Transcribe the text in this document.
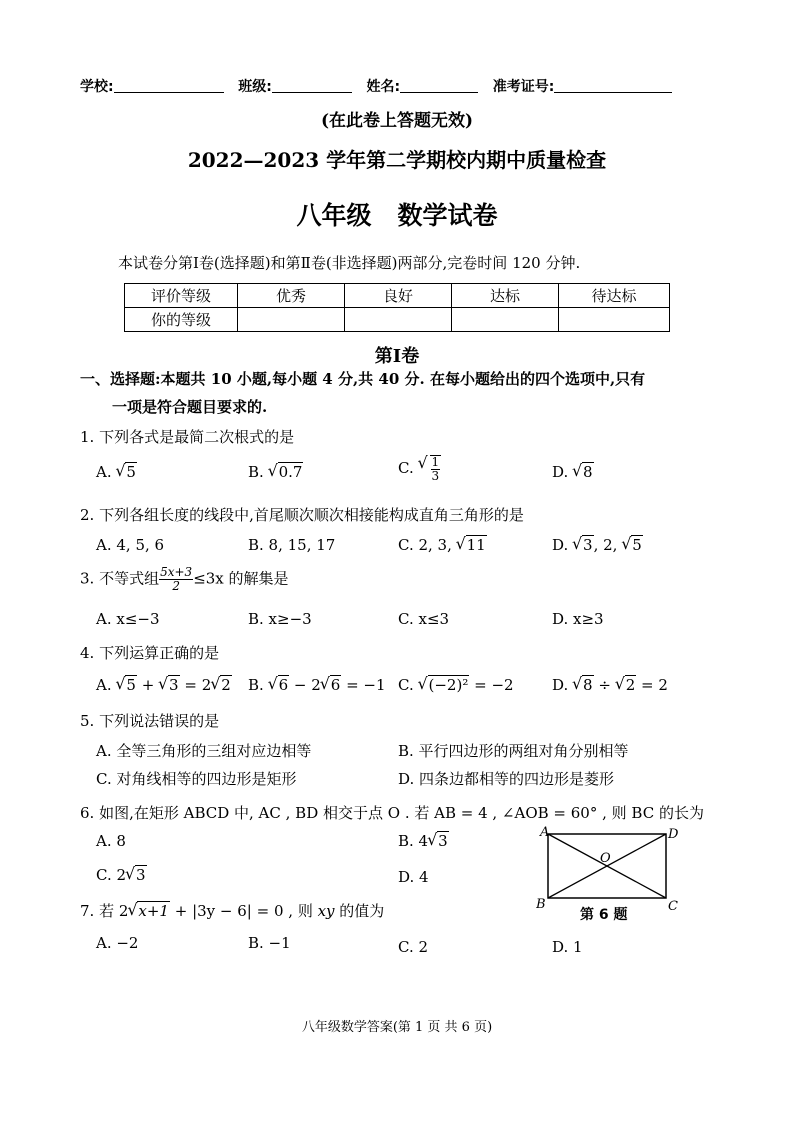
学校:	班级:	姓名:	准考证号:
(在此卷上答题无效)
2022—2023 学年第二学期校内期中质量检查
八年级   数学试卷
本试卷分第Ⅰ卷(选择题)和第Ⅱ卷(非选择题)两部分,完卷时间 120 分钟.
评价等级	优秀	良好	达标	待达标
你的等级				
第Ⅰ卷
一、选择题:本题共 10 小题,每小题 4 分,共 40 分. 在每小题给出的四个选项中,只有
一项是符合题目要求的.
1. 下列各式是最简二次根式的是
A. √ 5	B. √ 0.7	C. √ $\frac{1}{3}$	D. √ 8
2. 下列各组长度的线段中,首尾顺次顺次相接能构成直角三角形的是
A. 4, 5, 6	B. 8, 15, 17	C. 2, 3, √ 11	D. √ 3, 2, √ 5
3. 不等式组 $\frac{5x+3}{2} \le 3x$ 的解集是
A. x≤−3	B. x≥−3	C. x≤3	D. x≥3
4. 下列运算正确的是
A. √ 5 + √ 3 = 2 √ 2 B. √ 6 − 2 √ 6 = −1 C. √ (−2)² = −2	D. √ 8 ÷ √ 2 = 2
5. 下列说法错误的是
A. 全等三角形的三组对应边相等	B. 平行四边形的两组对角分别相等
C. 对角线相等的四边形是矩形	D. 四条边都相等的四边形是菱形
6. 如图,在矩形 ABCD 中, AC , BD 相交于点 O . 若 AB = 4 , ∠AOB = 60° , 则 BC 的长为
A. 8	B. 4 √ 3
C. 2 √ 3	D. 4
A	D
B	C
O
第 6 题
7. 若 2 √ x+1 + |3y − 6| = 0 , 则 xy 的值为
A. −2	B. −1	C. 2	D. 1
八年级数学答案(第 1 页 共 6 页)
